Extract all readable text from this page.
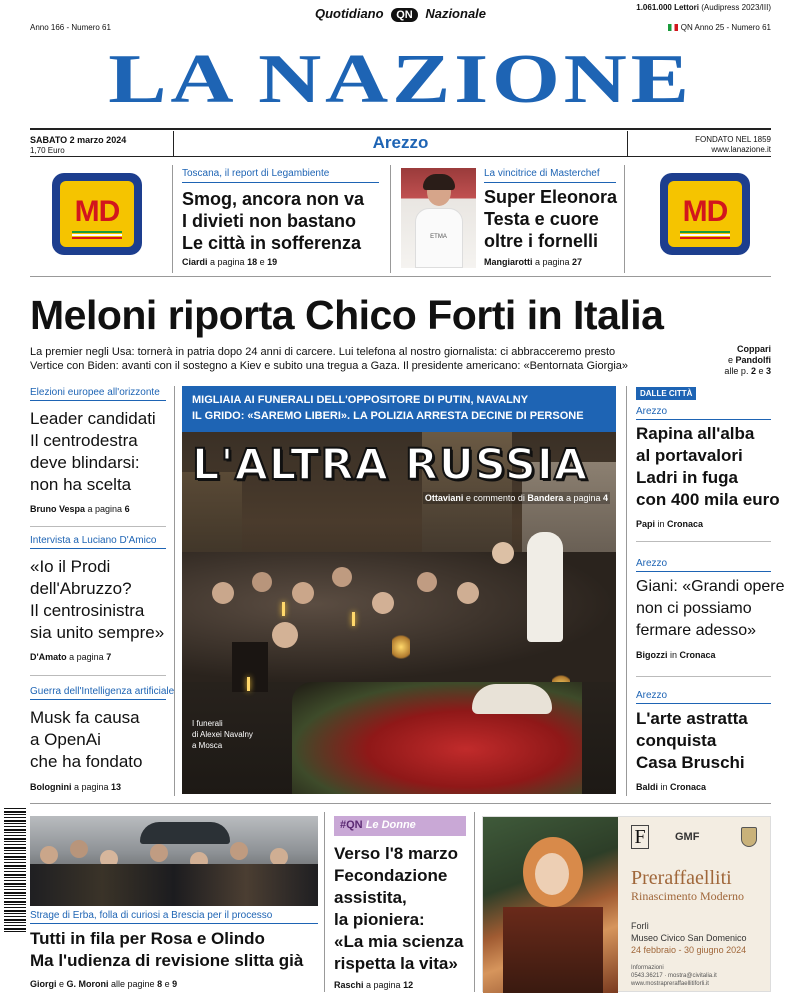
Quotidiano QN Nazionale	1.061.000 Lettori (Audipress 2023/III)
Anno 166 - Numero 61	QN Anno 25 - Numero 61
LA NAZIONE
SABATO 2 marzo 2024
1,70 Euro	Arezzo	FONDATO NEL 1859
www.lanazione.it
MD	MD
Toscana, il report di Legambiente
Smog, ancora non va
I divieti non bastano
Le città in sofferenza
Ciardi a pagina 18 e 19
ETMA
La vincitrice di Masterchef
Super Eleonora
Testa e cuore
oltre i fornelli
Mangiarotti a pagina 27
Meloni riporta Chico Forti in Italia
La premier negli Usa: tornerà in patria dopo 24 anni di carcere. Lui telefona al nostro giornalista: ci abbracceremo presto
Vertice con Biden: avanti con il sostegno a Kiev e subito una tregua a Gaza. Il presidente americano: «Bentornata Giorgia»
Coppari
e Pandolfi
alle p. 2 e 3
Elezioni europee all'orizzonte
Leader candidati
Il centrodestra
deve blindarsi:
non ha scelta
Bruno Vespa a pagina 6
Intervista a Luciano D'Amico
«Io il Prodi
dell'Abruzzo?
Il centrosinistra
sia unito sempre»
D'Amato a pagina 7
Guerra dell'Intelligenza artificiale
Musk fa causa
a OpenAi
che ha fondato
Bolognini a pagina 13
MIGLIAIA AI FUNERALI DELL'OPPOSITORE DI PUTIN, NAVALNY
IL GRIDO: «SAREMO LIBERI». LA POLIZIA ARRESTA DECINE DI PERSONE
L'ALTRA RUSSIA
Ottaviani e commento di Bandera a pagina 4
I funerali
di Alexei Navalny
a Mosca
DALLE CITTÀ
Arezzo
Rapina all'alba
al portavalori
Ladri in fuga
con 400 mila euro
Papi in Cronaca
Arezzo
Giani: «Grandi opere
non ci possiamo
fermare adesso»
Bigozzi in Cronaca
Arezzo
L'arte astratta
conquista
Casa Bruschi
Baldi in Cronaca
Strage di Erba, folla di curiosi a Brescia per il processo
Tutti in fila per Rosa e Olindo
Ma l'udienza di revisione slitta già
Giorgi e G. Moroni alle pagine 8 e 9
#QN Le Donne
Verso l'8 marzo
Fecondazione
assistita,
la pioniera:
«La mia scienza
rispetta la vita»
Raschi a pagina 12
F	GMF
Preraffaelliti
Rinascimento Moderno
Forlì
Museo Civico San Domenico
24 febbraio - 30 giugno 2024
Informazioni
0543.36217 · mostra@civitalia.it
www.mostrapreraffaellitiforli.it
